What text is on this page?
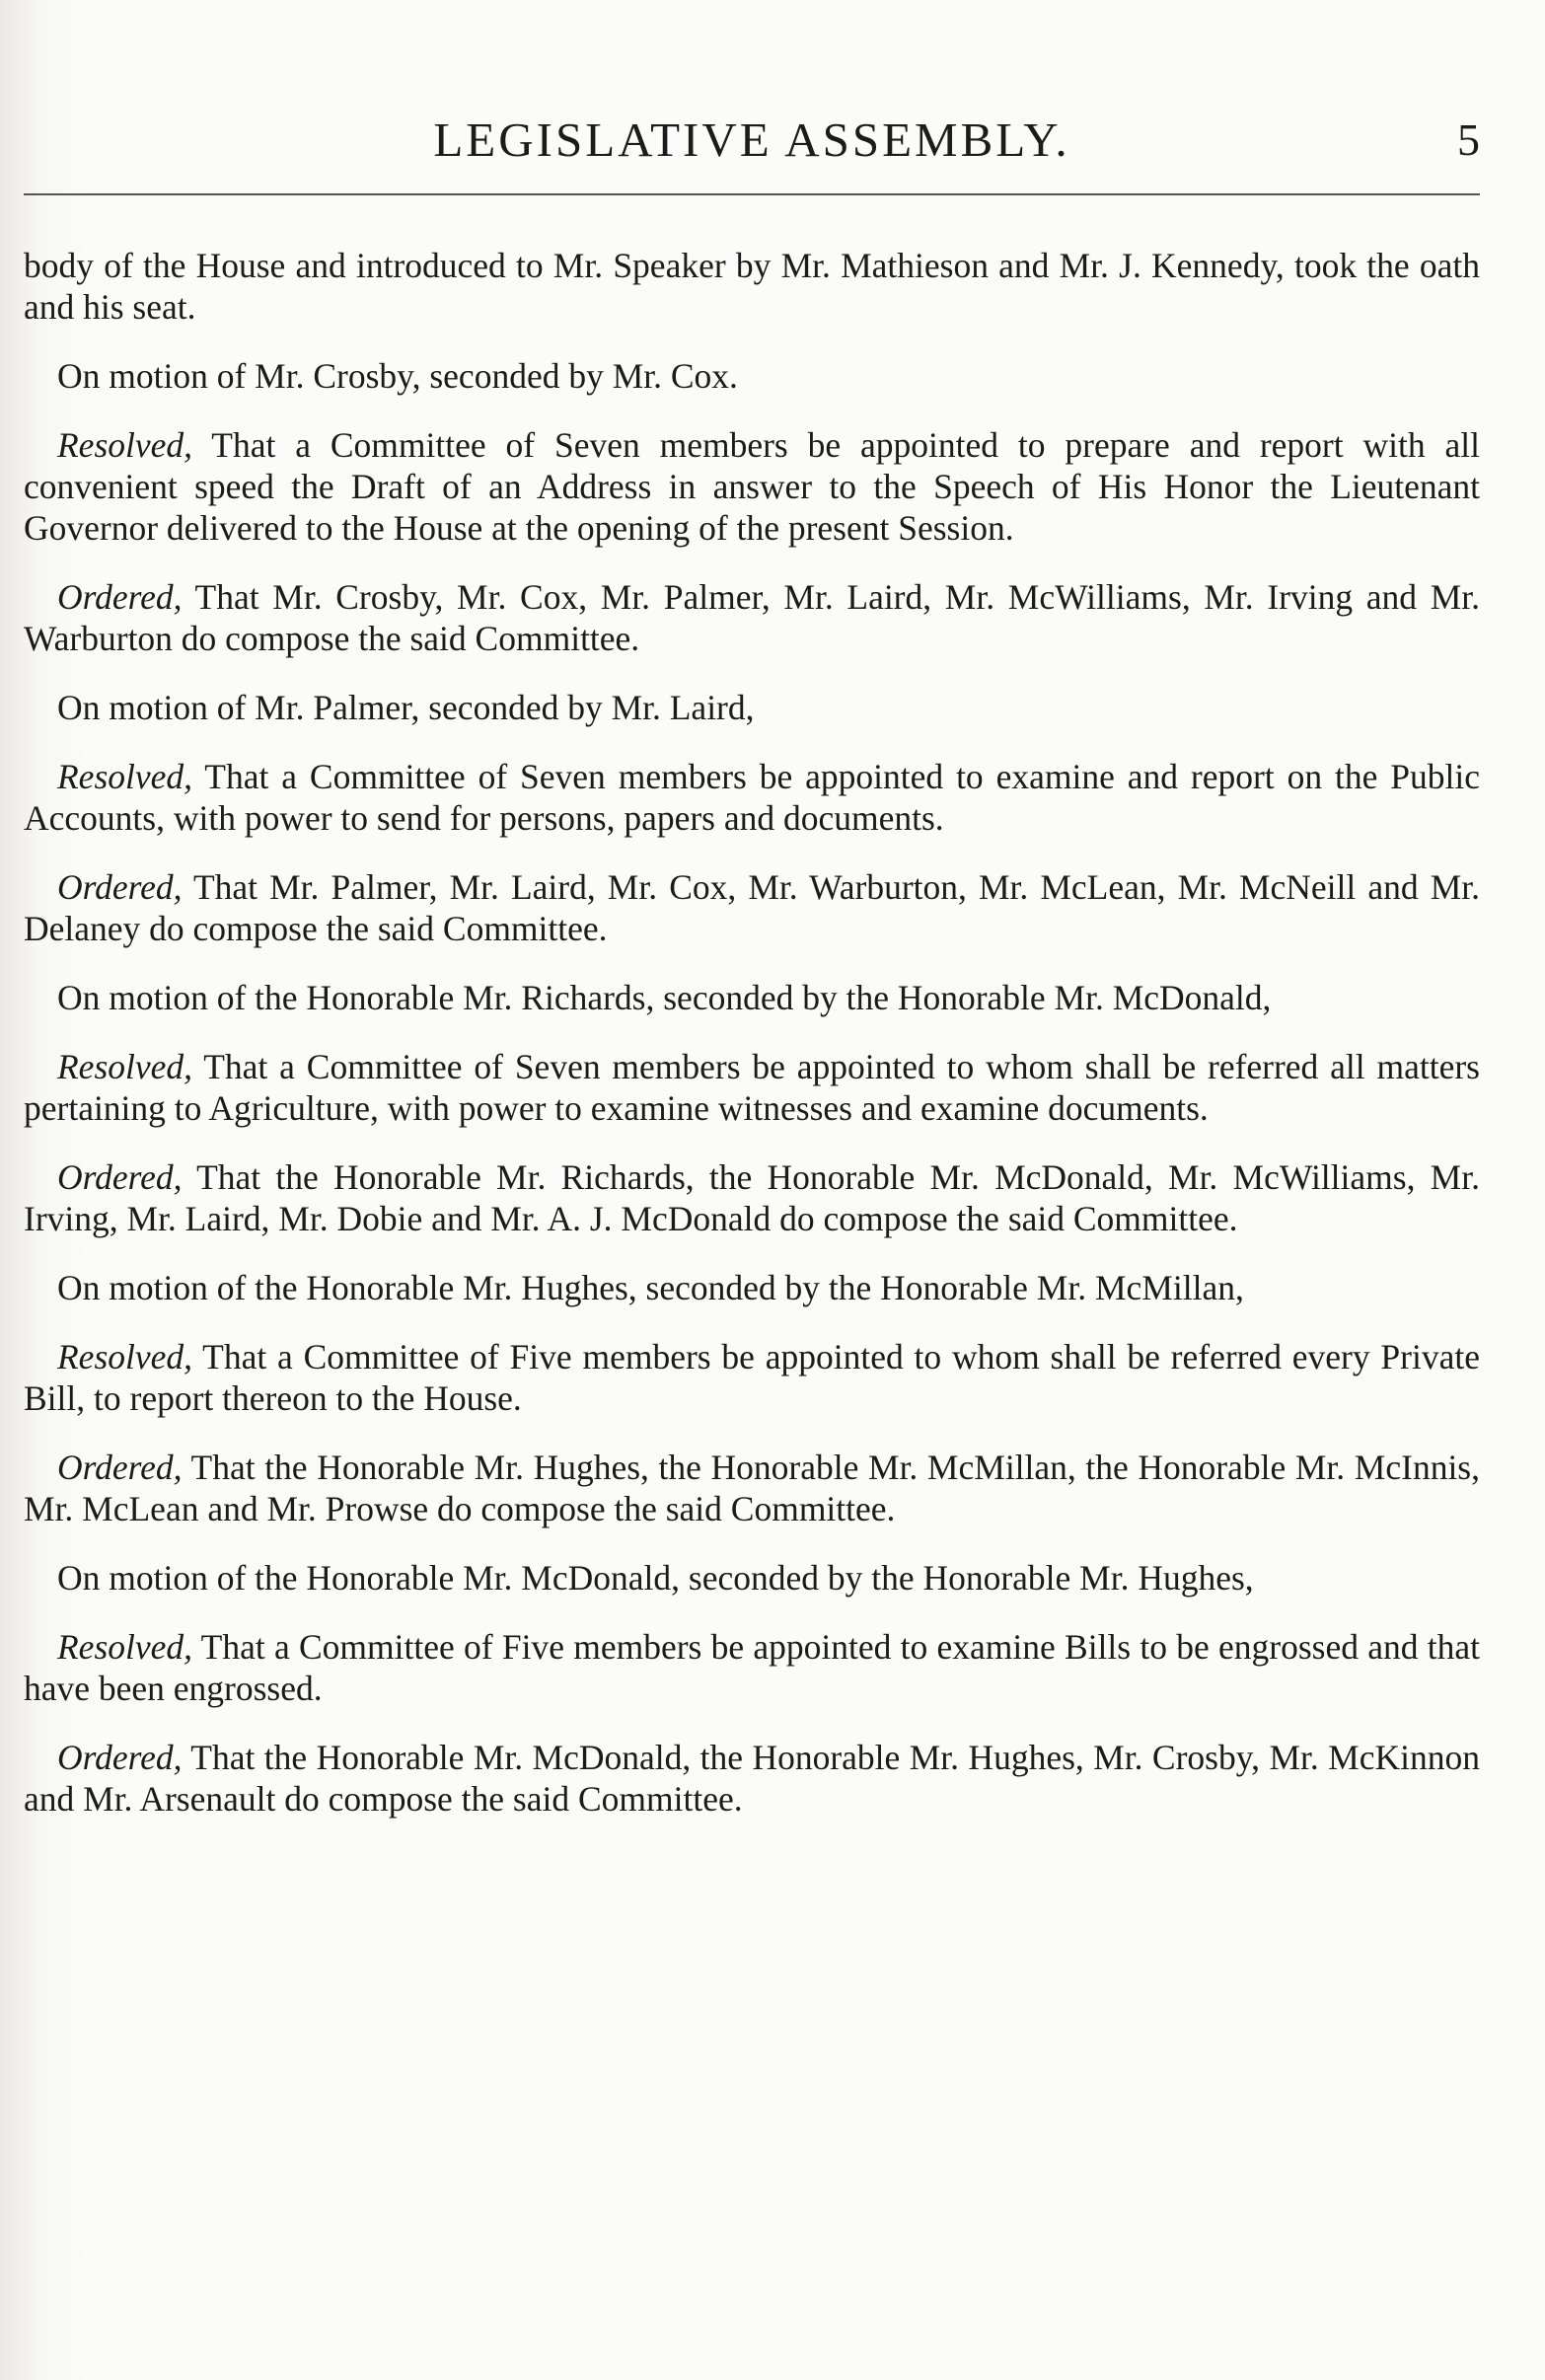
LEGISLATIVE ASSEMBLY.	5

body of the House and introduced to Mr. Speaker by Mr. Mathieson and Mr. J. Kennedy, took the oath and his seat.

On motion of Mr. Crosby, seconded by Mr. Cox.

Resolved, That a Committee of Seven members be appointed to prepare and report with all convenient speed the Draft of an Address in answer to the Speech of His Honor the Lieutenant Governor delivered to the House at the opening of the present Session.

Ordered, That Mr. Crosby, Mr. Cox, Mr. Palmer, Mr. Laird, Mr. McWilliams, Mr. Irving and Mr. Warburton do compose the said Committee.

On motion of Mr. Palmer, seconded by Mr. Laird,

Resolved, That a Committee of Seven members be appointed to examine and report on the Public Accounts, with power to send for persons, papers and documents.

Ordered, That Mr. Palmer, Mr. Laird, Mr. Cox, Mr. Warburton, Mr. McLean, Mr. McNeill and Mr. Delaney do compose the said Committee.

On motion of the Honorable Mr. Richards, seconded by the Honorable Mr. McDonald,

Resolved, That a Committee of Seven members be appointed to whom shall be referred all matters pertaining to Agriculture, with power to examine witnesses and examine documents.

Ordered, That the Honorable Mr. Richards, the Honorable Mr. McDonald, Mr. McWilliams, Mr. Irving, Mr. Laird, Mr. Dobie and Mr. A. J. McDonald do compose the said Committee.

On motion of the Honorable Mr. Hughes, seconded by the Honorable Mr. McMillan,

Resolved, That a Committee of Five members be appointed to whom shall be referred every Private Bill, to report thereon to the House.

Ordered, That the Honorable Mr. Hughes, the Honorable Mr. McMillan, the Honorable Mr. McInnis, Mr. McLean and Mr. Prowse do compose the said Committee.

On motion of the Honorable Mr. McDonald, seconded by the Honorable Mr. Hughes,

Resolved, That a Committee of Five members be appointed to examine Bills to be engrossed and that have been engrossed.

Ordered, That the Honorable Mr. McDonald, the Honorable Mr. Hughes, Mr. Crosby, Mr. McKinnon and Mr. Arsenault do compose the said Committee.
